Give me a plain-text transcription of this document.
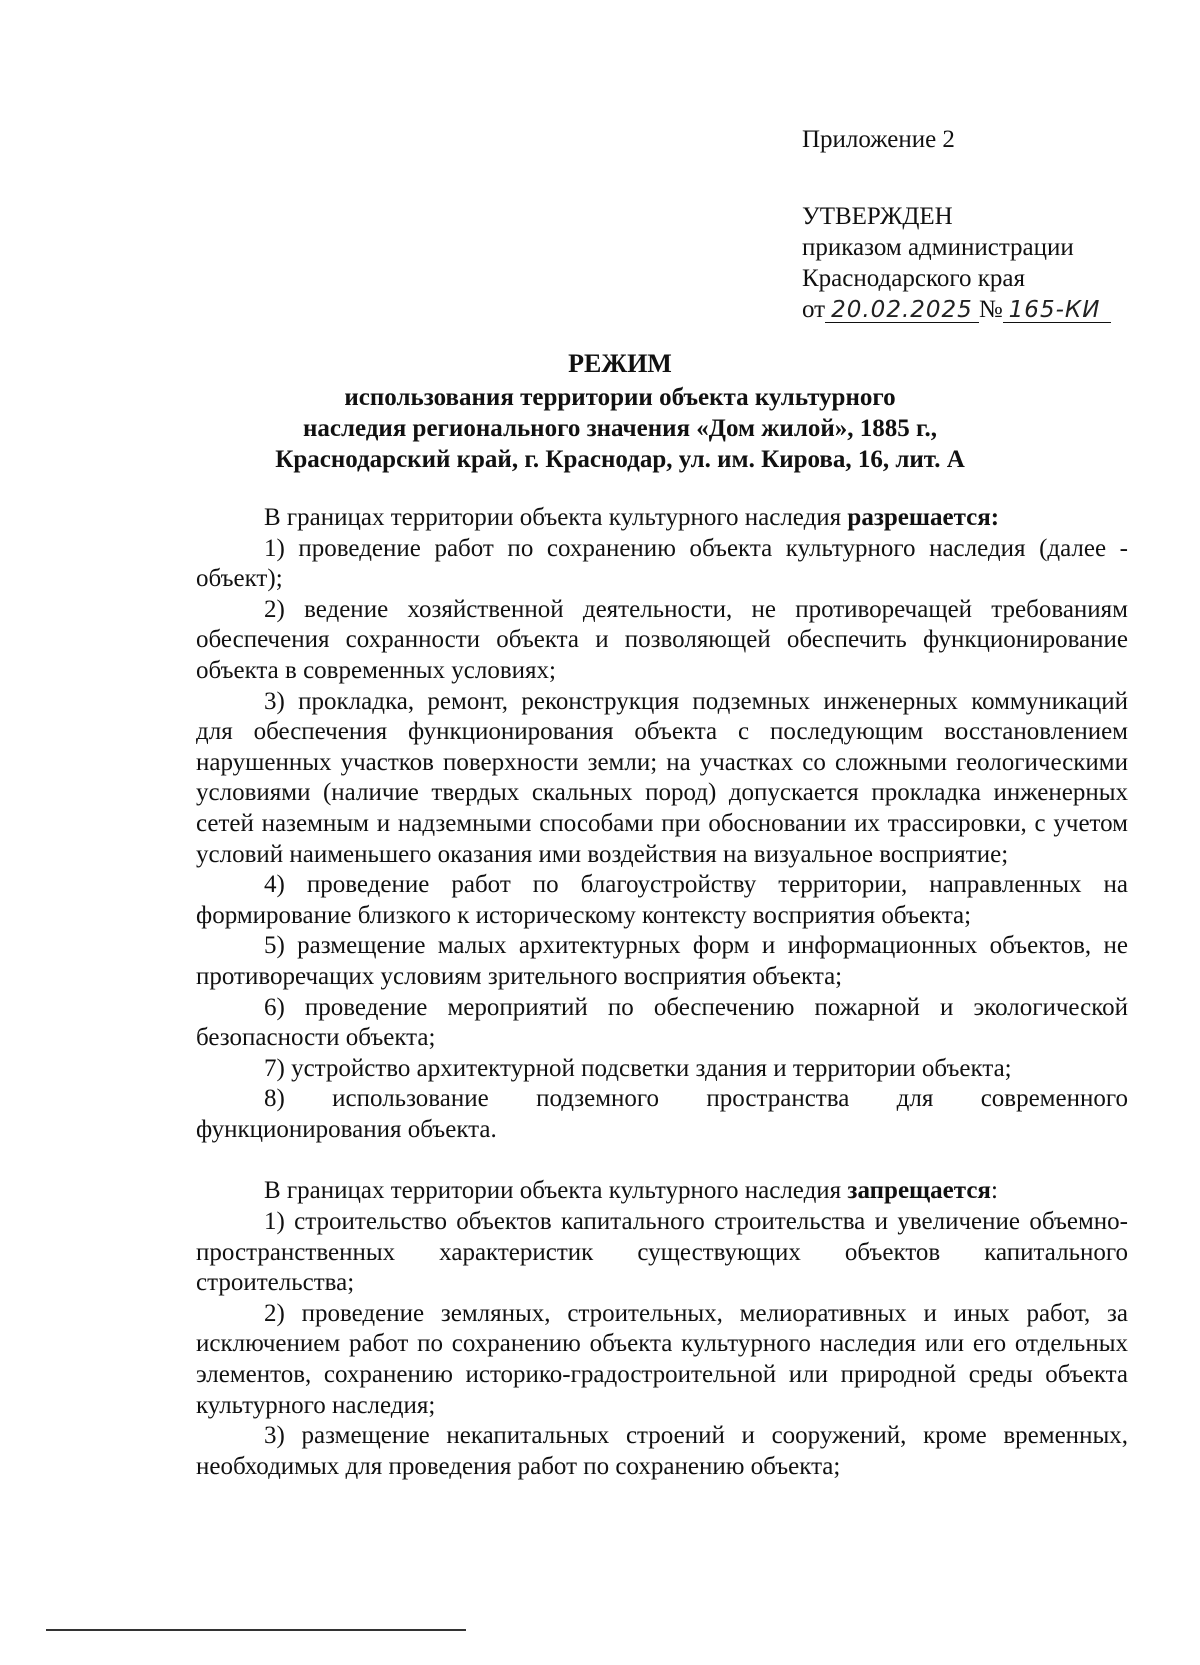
Приложение 2
УТВЕРЖДЕН
приказом администрации
Краснодарского края
от 20.02.2025 № 165-КИ
РЕЖИМ
использования территории объекта культурного
наследия регионального значения «Дом жилой», 1885 г.,
Краснодарский край, г. Краснодар, ул. им. Кирова, 16, лит. А

В границах территории объекта культурного наследия разрешается:

1) проведение работ по сохранению объекта культурного наследия (далее - объект);

2) ведение хозяйственной деятельности, не противоречащей требованиям обеспечения сохранности объекта и позволяющей обеспечить функционирование объекта в современных условиях;

3) прокладка, ремонт, реконструкция подземных инженерных коммуникаций для обеспечения функционирования объекта с последующим восстановлением нарушенных участков поверхности земли; на участках со сложными геологическими условиями (наличие твердых скальных пород) допускается прокладка инженерных сетей наземным и надземными способами при обосновании их трассировки, с учетом условий наименьшего оказания ими воздействия на визуальное восприятие;

4) проведение работ по благоустройству территории, направленных на формирование близкого к историческому контексту восприятия объекта;

5) размещение малых архитектурных форм и информационных объектов, не противоречащих условиям зрительного восприятия объекта;

6) проведение мероприятий по обеспечению пожарной и экологической безопасности объекта;

7) устройство архитектурной подсветки здания и территории объекта;

8) использование подземного пространства для современного функционирования объекта.

В границах территории объекта культурного наследия запрещается:

1) строительство объектов капитального строительства и увеличение объемно-пространственных характеристик существующих объектов капитального строительства;

2) проведение земляных, строительных, мелиоративных и иных работ, за исключением работ по сохранению объекта культурного наследия или его отдельных элементов, сохранению историко-градостроительной или природной среды объекта культурного наследия;

3) размещение некапитальных строений и сооружений, кроме временных, необходимых для проведения работ по сохранению объекта;
